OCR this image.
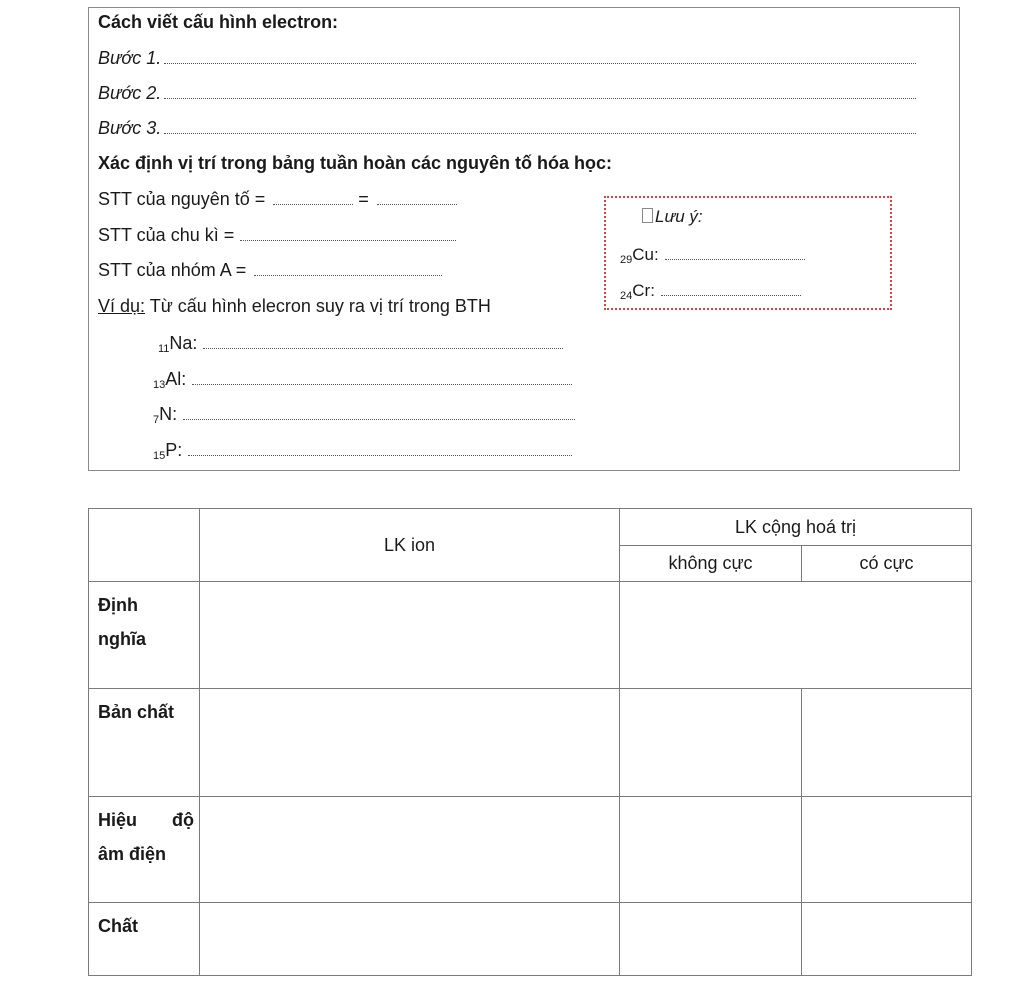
Cách viết cấu hình electron:
Bước 1.
Bước 2.
Bước 3.
Xác định vị trí trong bảng tuần hoàn các nguyên tố hóa học:
STT của nguyên tố =	=
STT của chu kì =
STT của nhóm A =
Ví dụ: Từ cấu hình elecron suy ra vị trí trong BTH
11Na:
13Al:
7N:
15P:
Lưu ý:
29Cu:
24Cr:
	LK ion	LK cộng hoá trị	
		không cực	có cực

Định
nghĩa			

Bản chất			

Hiệu độ
âm điện			

Chất			
